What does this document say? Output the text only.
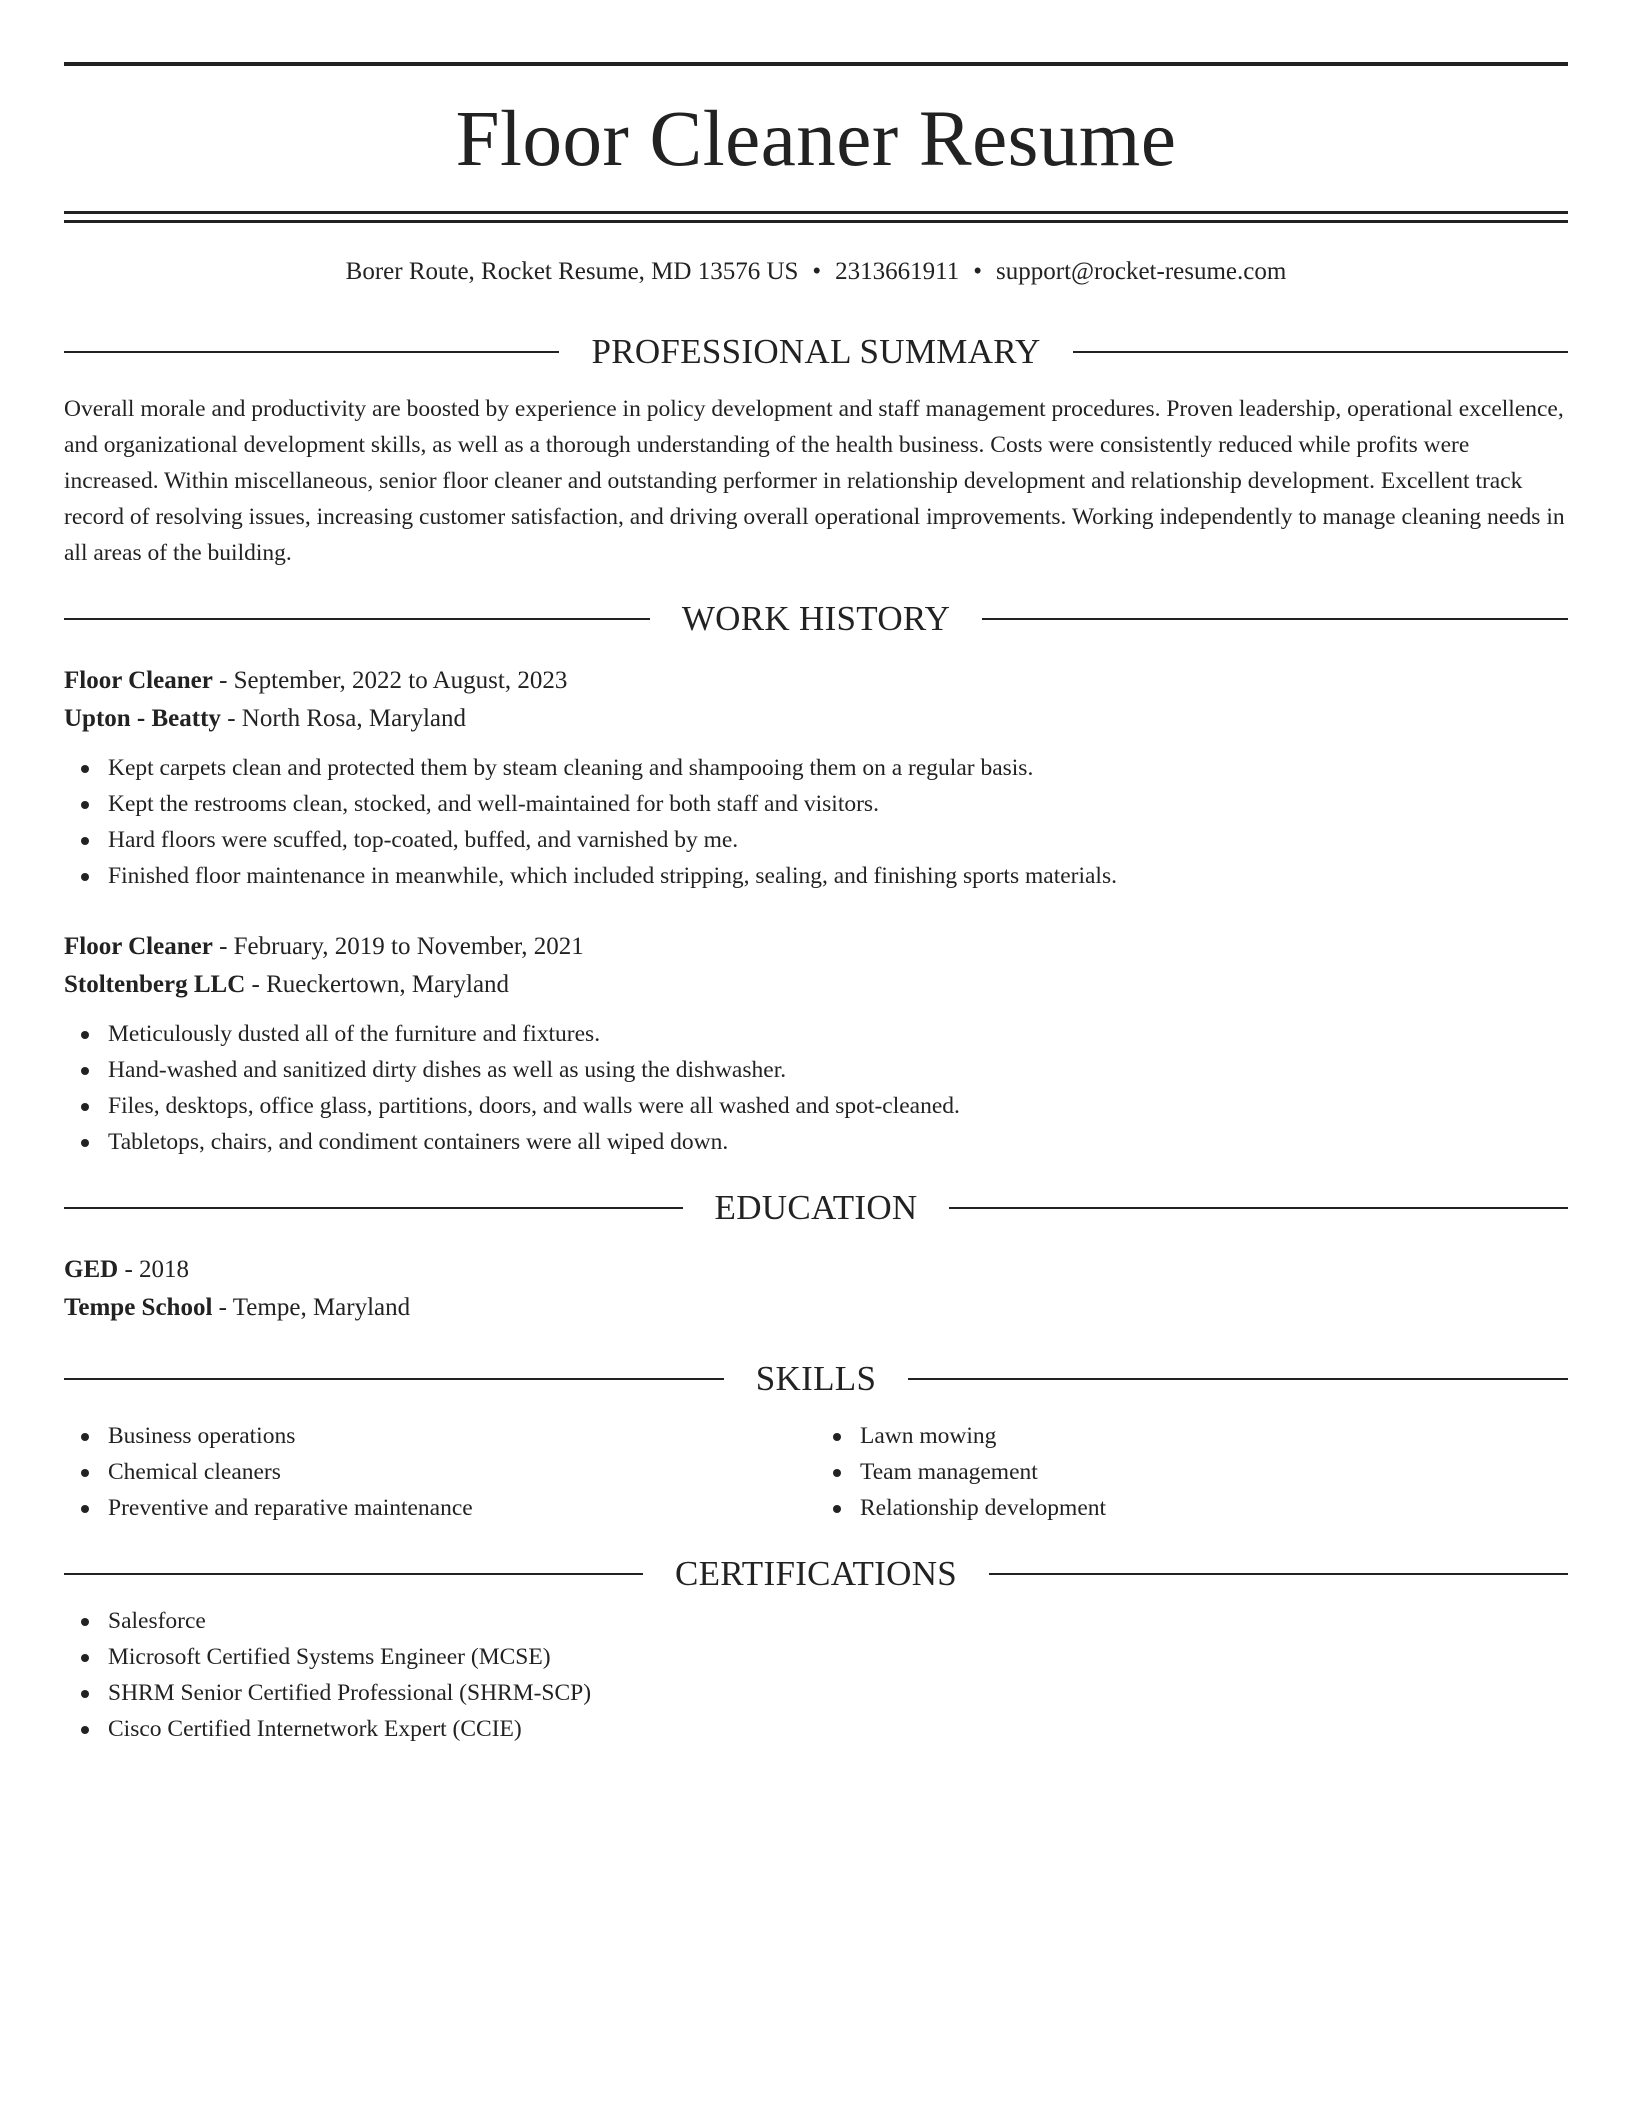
Floor Cleaner Resume
Borer Route, Rocket Resume, MD 13576 US • 2313661911 • support@rocket-resume.com
PROFESSIONAL SUMMARY

Overall morale and productivity are boosted by experience in policy development and staff management procedures. Proven leadership, operational excellence, and organizational development skills, as well as a thorough understanding of the health business. Costs were consistently reduced while profits were increased. Within miscellaneous, senior floor cleaner and outstanding performer in relationship development and relationship development. Excellent track record of resolving issues, increasing customer satisfaction, and driving overall operational improvements. Working independently to manage cleaning needs in all areas of the building.

WORK HISTORY
Floor Cleaner - September, 2022 to August, 2023
Upton - Beatty - North Rosa, Maryland
Kept carpets clean and protected them by steam cleaning and shampooing them on a regular basis.
Kept the restrooms clean, stocked, and well-maintained for both staff and visitors.
Hard floors were scuffed, top-coated, buffed, and varnished by me.
Finished floor maintenance in meanwhile, which included stripping, sealing, and finishing sports materials.
Floor Cleaner - February, 2019 to November, 2021
Stoltenberg LLC - Rueckertown, Maryland
Meticulously dusted all of the furniture and fixtures.
Hand-washed and sanitized dirty dishes as well as using the dishwasher.
Files, desktops, office glass, partitions, doors, and walls were all washed and spot-cleaned.
Tabletops, chairs, and condiment containers were all wiped down.
EDUCATION
GED - 2018
Tempe School - Tempe, Maryland
SKILLS
Business operations
Chemical cleaners
Preventive and reparative maintenance
Lawn mowing
Team management
Relationship development
CERTIFICATIONS
Salesforce
Microsoft Certified Systems Engineer (MCSE)
SHRM Senior Certified Professional (SHRM-SCP)
Cisco Certified Internetwork Expert (CCIE)
